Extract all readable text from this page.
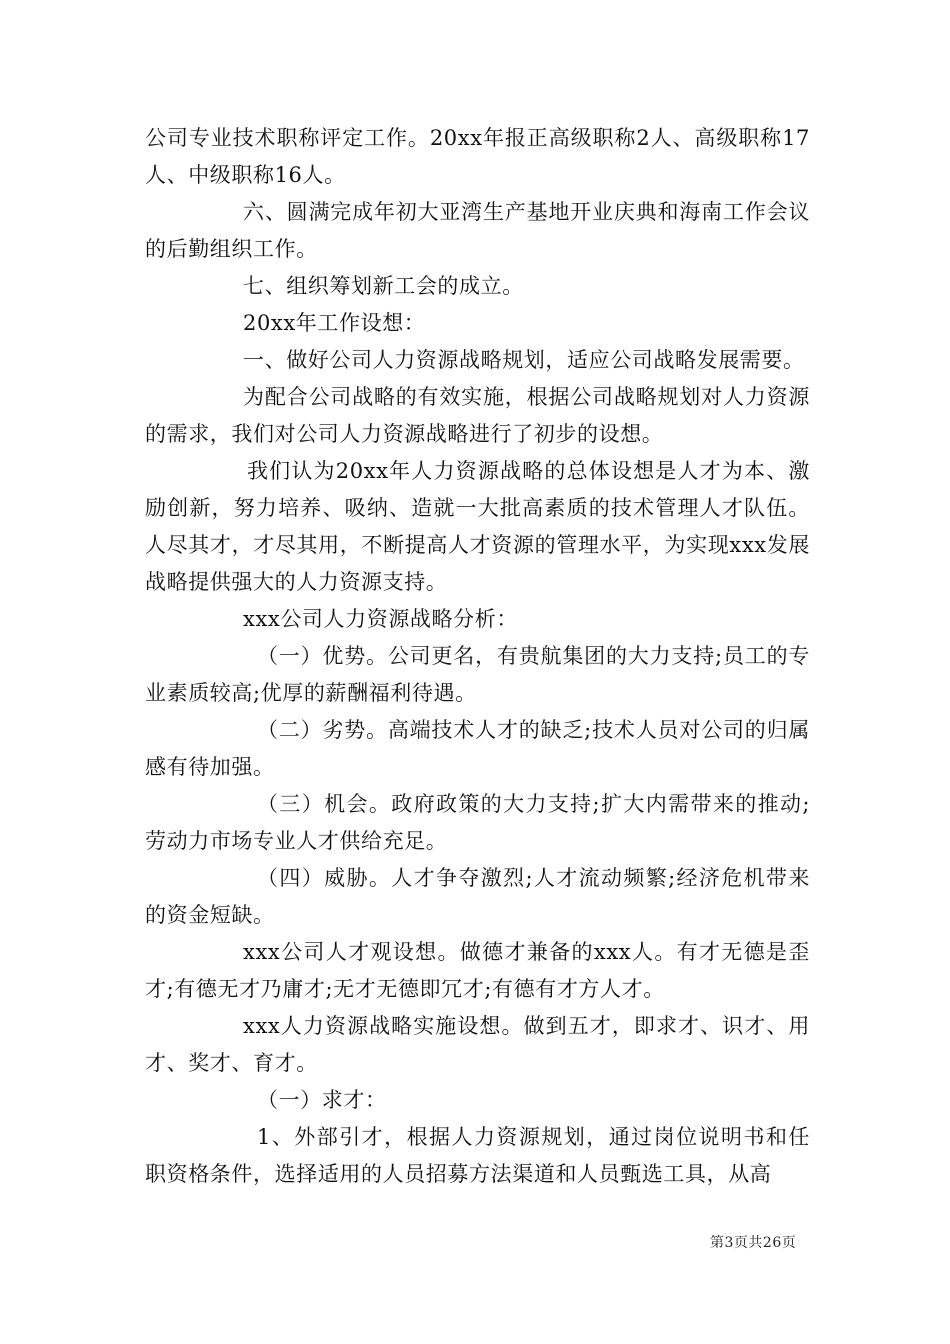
公司专业技术职称评定工作。20xx年报正高级职称2人、高级职称17人、中级职称16人。

六、圆满完成年初大亚湾生产基地开业庆典和海南工作会议的后勤组织工作。

七、组织筹划新工会的成立。

20xx年工作设想：

一、做好公司人力资源战略规划，适应公司战略发展需要。

为配合公司战略的有效实施，根据公司战略规划对人力资源的需求，我们对公司人力资源战略进行了初步的设想。

我们认为20xx年人力资源战略的总体设想是人才为本、激励创新，努力培养、吸纳、造就一大批高素质的技术管理人才队伍。人尽其才，才尽其用，不断提高人才资源的管理水平，为实现xxx发展战略提供强大的人力资源支持。

xxx公司人力资源战略分析：

（一）优势。公司更名，有贵航集团的大力支持;员工的专业素质较高;优厚的薪酬福利待遇。

（二）劣势。高端技术人才的缺乏;技术人员对公司的归属感有待加强。

（三）机会。政府政策的大力支持;扩大内需带来的推动;劳动力市场专业人才供给充足。

（四）威胁。人才争夺激烈;人才流动频繁;经济危机带来的资金短缺。

xxx公司人才观设想。做德才兼备的xxx人。有才无德是歪才;有德无才乃庸才;无才无德即冗才;有德有才方人才。

xxx人力资源战略实施设想。做到五才，即求才、识才、用才、奖才、育才。

（一）求才：

1、外部引才，根据人力资源规划，通过岗位说明书和任职资格条件，选择适用的人员招募方法渠道和人员甄选工具，从高

第3页共26页
